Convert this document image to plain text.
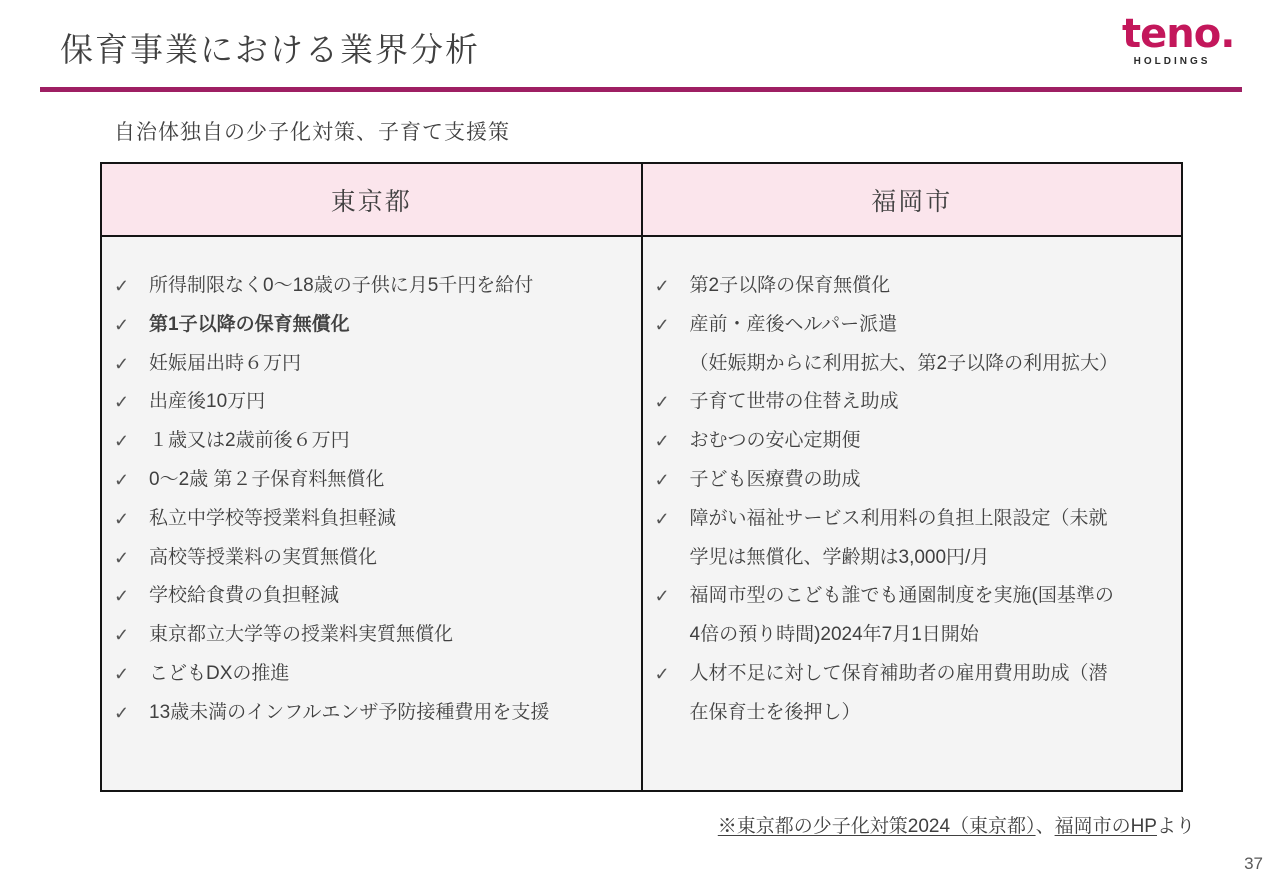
保育事業における業界分析	teno.
HOLDINGS
自治体独自の少子化対策、子育て支援策
東京都	福岡市

✓ 所得制限なく0～18歳の子供に月5千円を給付
✓ 第1子以降の保育無償化
✓ 妊娠届出時６万円
✓ 出産後10万円
✓ １歳又は2歳前後６万円
✓ 0～2歳 第２子保育料無償化
✓ 私立中学校等授業料負担軽減
✓ 高校等授業料の実質無償化
✓ 学校給食費の負担軽減
✓ 東京都立大学等の授業料実質無償化
✓ こどもDXの推進
✓ 13歳未満のインフルエンザ予防接種費用を支援

✓ 第2子以降の保育無償化
✓ 産前・産後ヘルパー派遣
（妊娠期からに利用拡大、第2子以降の利用拡大）
✓ 子育て世帯の住替え助成
✓ おむつの安心定期便
✓ 子ども医療費の助成
✓ 障がい福祉サービス利用料の負担上限設定（未就
学児は無償化、学齢期は3,000円/月
✓ 福岡市型のこども誰でも通園制度を実施(国基準の
4倍の預り時間)2024年7月1日開始
✓ 人材不足に対して保育補助者の雇用費用助成（潜
在保育士を後押し）
※東京都の少子化対策2024（東京都）、福岡市のHPより
37
